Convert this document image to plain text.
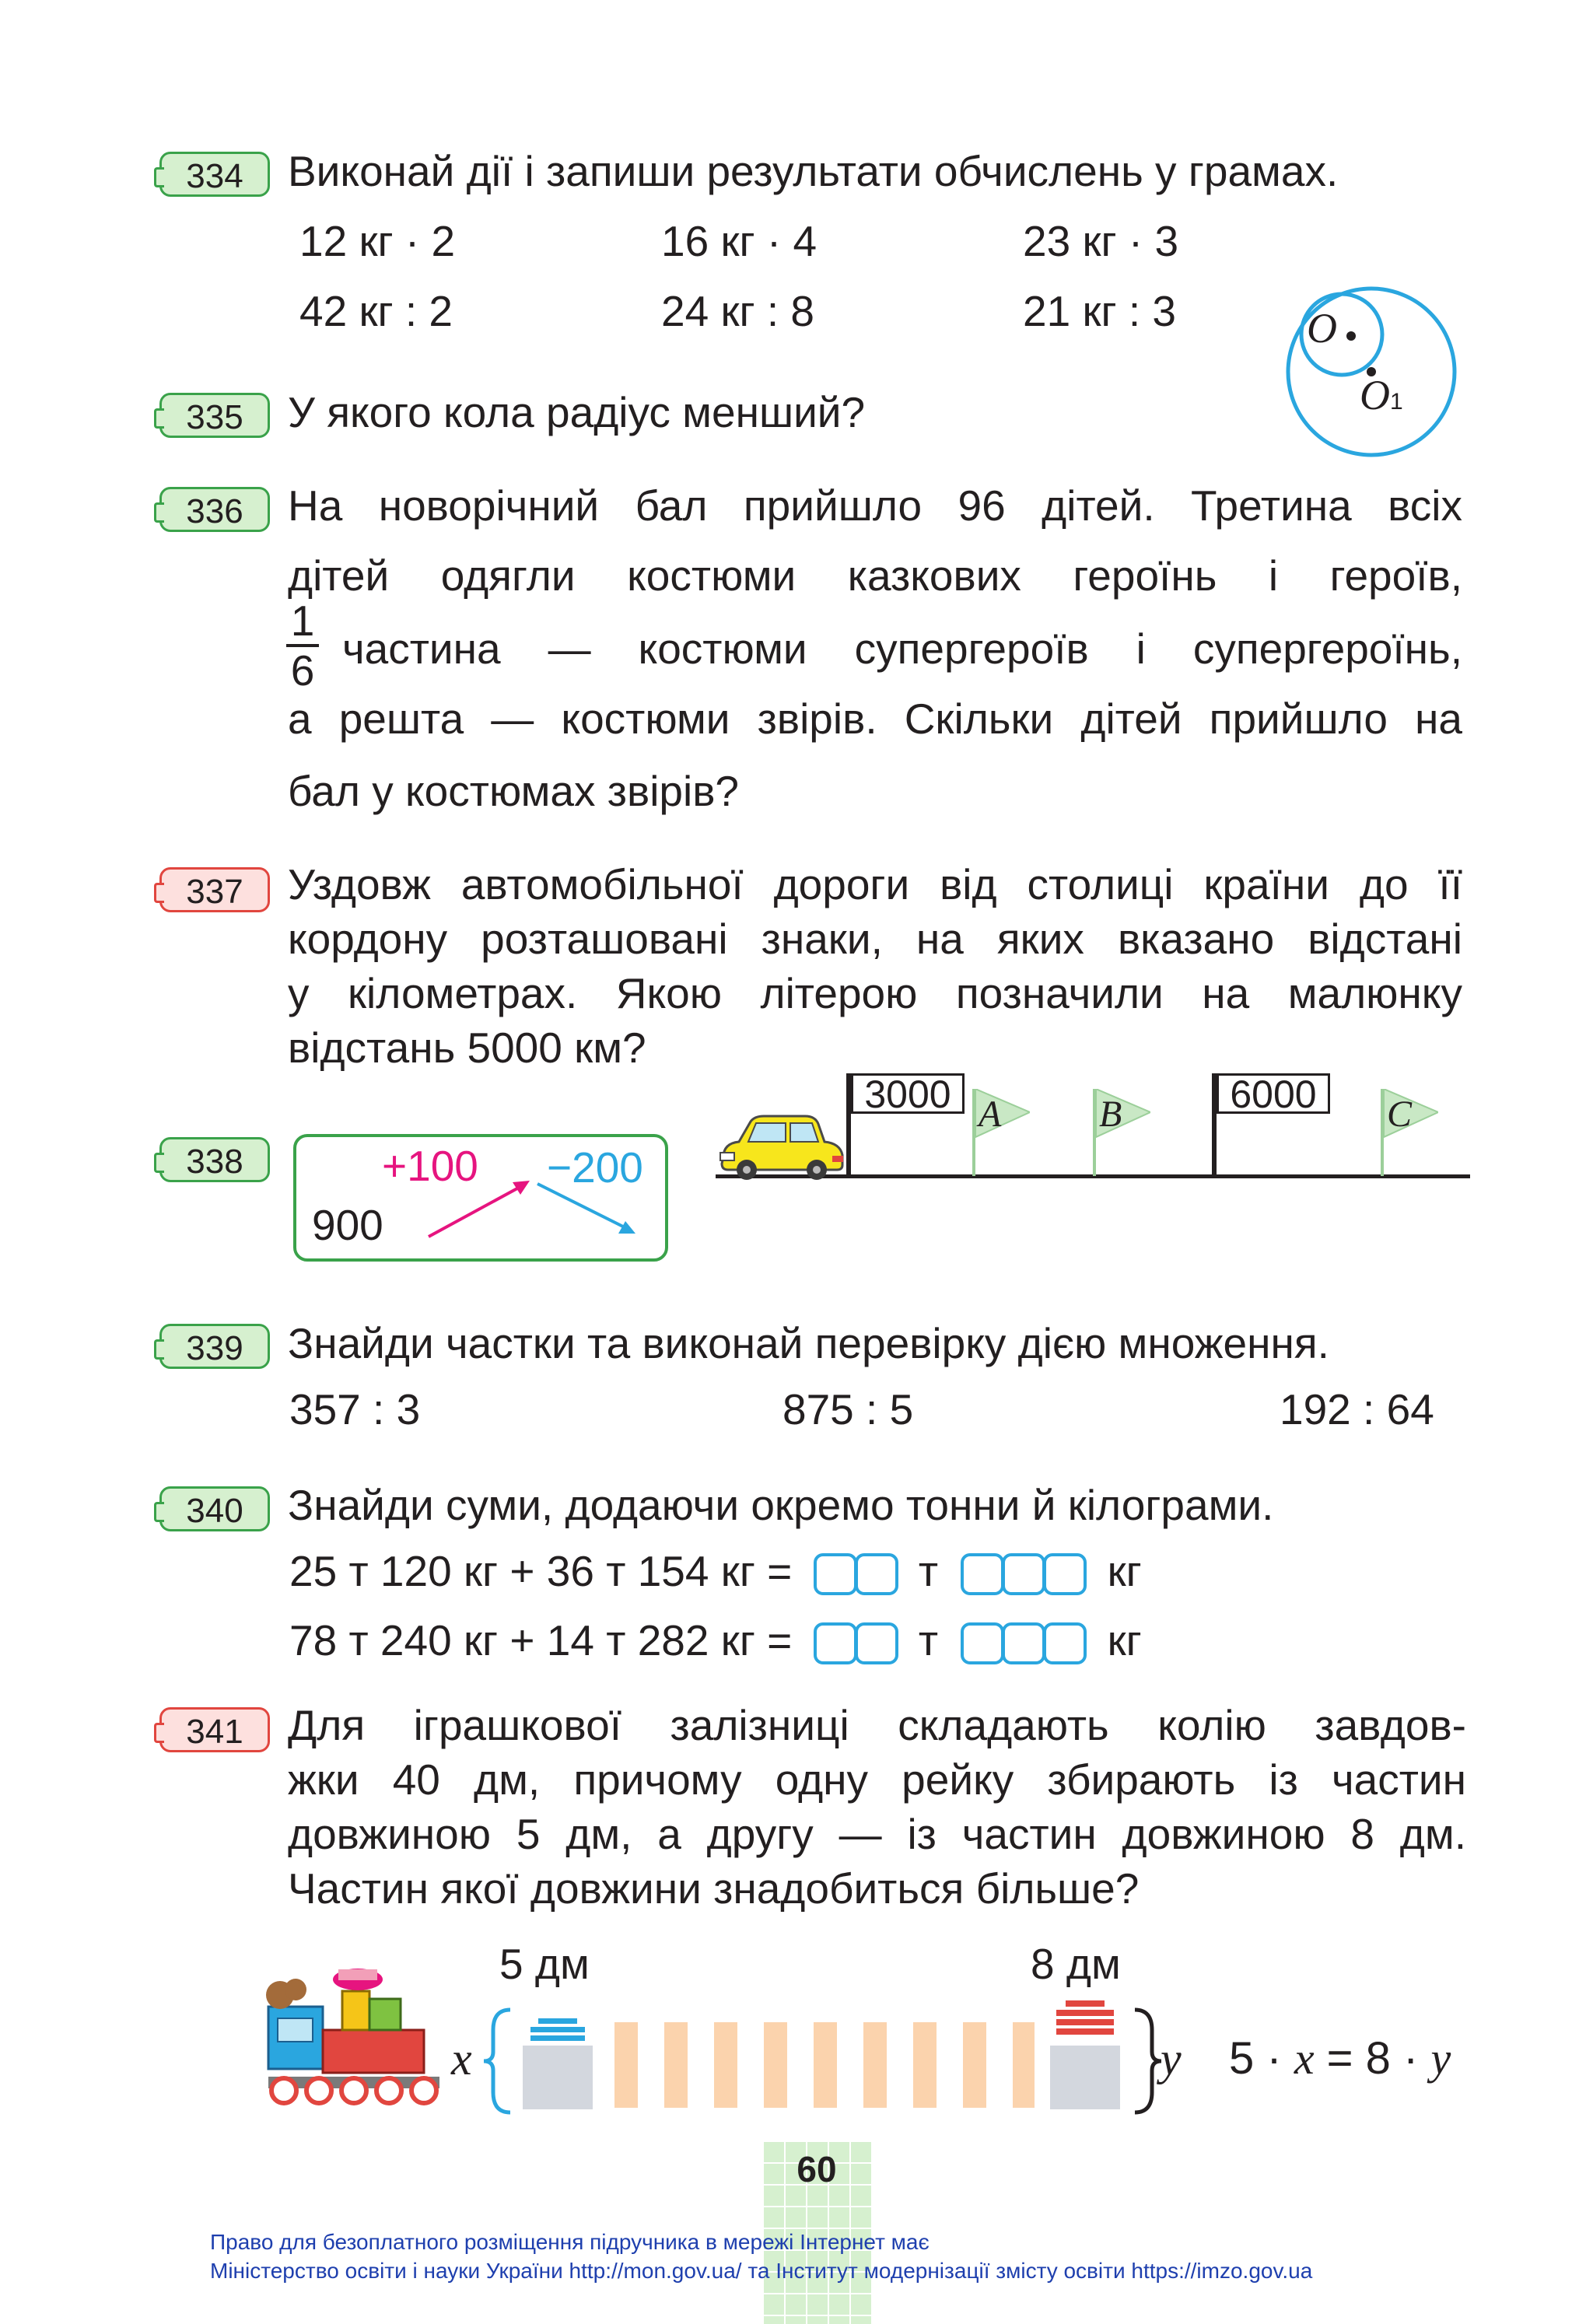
334	Виконай дії і запиши результати обчислень у грамах.
12 кг · 2	16 кг · 4	23 кг · 3
42 кг : 2	24 кг : 8	21 кг : 3
335	У якого кола радіус менший?
O
O1
336	На новорічний бал прийшло 96 дітей. Третина всіх
дітей одягли костюми казкових героїнь і героїв,
1
6 частина — костюми супергероїв і супергероїнь,
а решта — костюми звірів. Скільки дітей прийшло на
бал у костюмах звірів?
337	Уздовж автомобільної дороги від столиці країни до її
кордону розташовані знаки, на яких вказано відстані
у кілометрах. Якою літерою позначили на малюнку
відстань 5000 км?
3000 A	B	6000	C
338	+100 −200
900
339	Знайди частки та виконай перевірку дією множення.
357 : 3	875 : 5	192 : 64
340	Знайди суми, додаючи окремо тонни й кілограми.
25 т 120 кг + 36 т 154 кг =	т	кг
78 т 240 кг + 14 т 282 кг =	т	кг
341	Для іграшкової залізниці складають колію завдов-
жки 40 дм, причому одну рейку збирають із частин
довжиною 5 дм, а другу — із частин довжиною 8 дм.
Частин якої довжини знадобиться більше?
5 дм	8 дм
x	y 5 · x = 8 · y
60
Право для безоплатного розміщення підручника в мережі Інтернет має
Міністерство освіти і науки України http://mon.gov.ua/ та Інститут модернізації змісту освіти https://imzo.gov.ua
